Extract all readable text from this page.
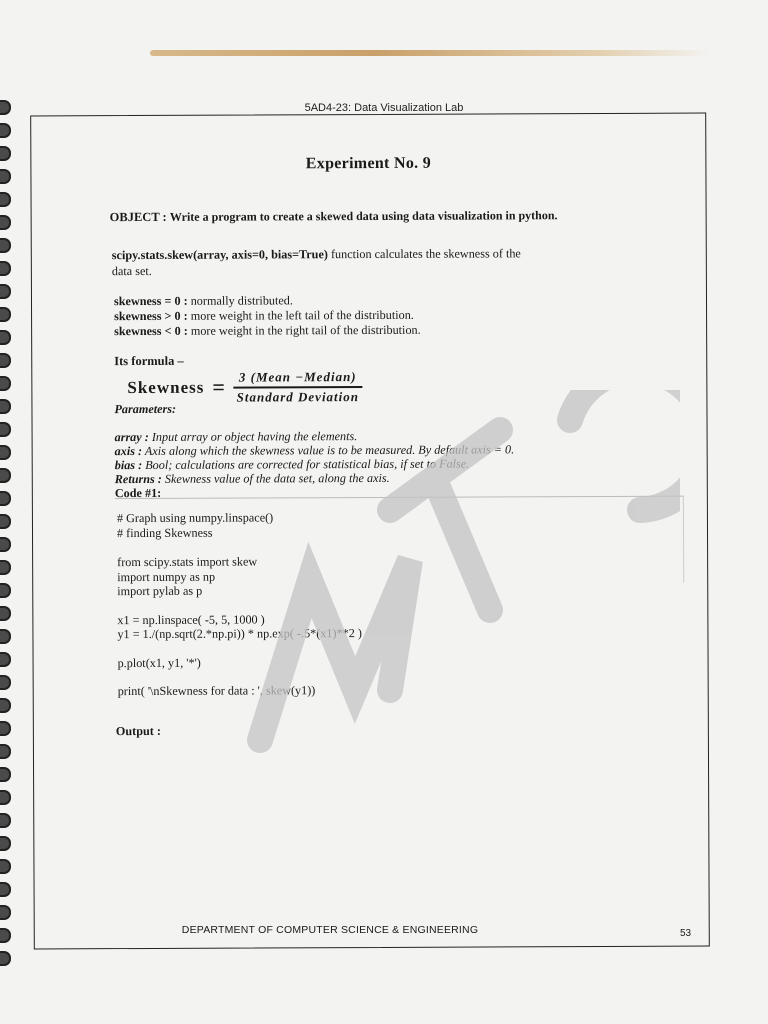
5AD4-23: Data Visualization Lab
Experiment No. 9
OBJECT : Write a program to create a skewed data using data visualization in python.
scipy.stats.skew(array, axis=0, bias=True) function calculates the skewness of the
data set.
skewness = 0 : normally distributed.
skewness > 0 : more weight in the left tail of the distribution.
skewness < 0 : more weight in the right tail of the distribution.
Its formula –
Skewness = $\frac{\text{3 (Mean −Median)}}{\text{Standard Deviation}}$
Parameters:
array : Input array or object having the elements.
axis : Axis along which the skewness value is to be measured. By default axis = 0.
bias : Bool; calculations are corrected for statistical bias, if set to False.
Returns : Skewness value of the data set, along the axis.
Code #1:
# Graph using numpy.linspace()
# finding Skewness
from scipy.stats import skew
import numpy as np
import pylab as p
x1 = np.linspace( -5, 5, 1000 )
y1 = 1./(np.sqrt(2.*np.pi)) * np.exp( -.5*(x1)**2 )
p.plot(x1, y1, '*')
print( '\nSkewness for data : ', skew(y1))
Output :
DEPARTMENT OF COMPUTER SCIENCE & ENGINEERING	53
